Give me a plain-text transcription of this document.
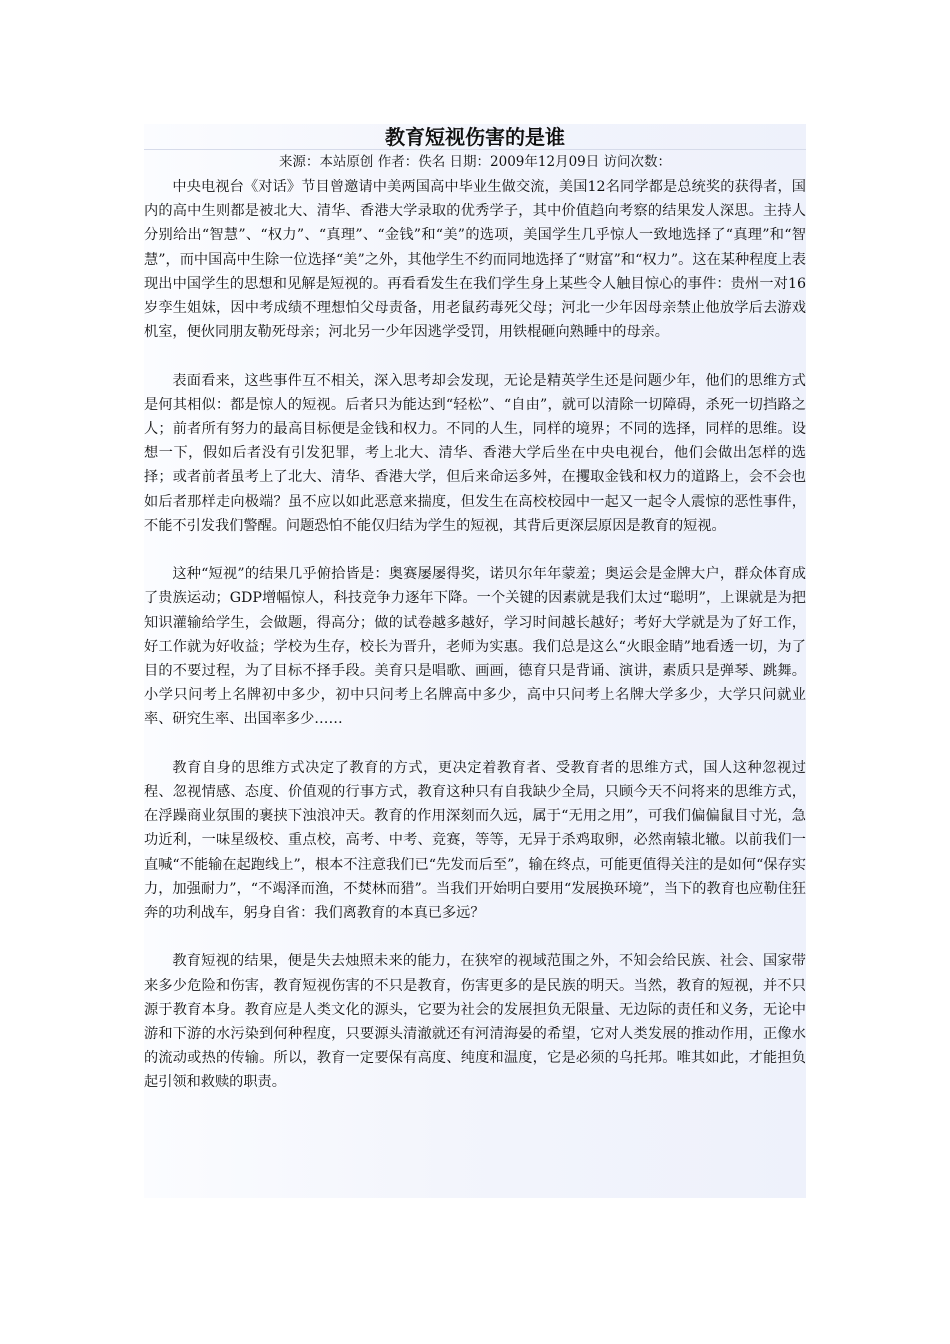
教育短视伤害的是谁
来源：本站原创 作者：佚名 日期：2009年12月09日 访问次数：

中央电视台《对话》节目曾邀请中美两国高中毕业生做交流，美国12名同学都是总统奖的获得者，国内的高中生则都是被北大、清华、香港大学录取的优秀学子，其中价值趋向考察的结果发人深思。主持人分别给出“智慧”、“权力”、“真理”、“金钱”和“美”的选项，美国学生几乎惊人一致地选择了“真理”和“智慧”，而中国高中生除一位选择“美”之外，其他学生不约而同地选择了“财富”和“权力”。这在某种程度上表现出中国学生的思想和见解是短视的。再看看发生在我们学生身上某些令人触目惊心的事件：贵州一对16岁孪生姐妹，因中考成绩不理想怕父母责备，用老鼠药毒死父母；河北一少年因母亲禁止他放学后去游戏机室，便伙同朋友勒死母亲；河北另一少年因逃学受罚，用铁棍砸向熟睡中的母亲。

表面看来，这些事件互不相关，深入思考却会发现，无论是精英学生还是问题少年，他们的思维方式是何其相似：都是惊人的短视。后者只为能达到“轻松”、“自由”，就可以清除一切障碍，杀死一切挡路之人；前者所有努力的最高目标便是金钱和权力。不同的人生，同样的境界；不同的选择，同样的思维。设想一下，假如后者没有引发犯罪，考上北大、清华、香港大学后坐在中央电视台，他们会做出怎样的选择；或者前者虽考上了北大、清华、香港大学，但后来命运多舛，在攫取金钱和权力的道路上，会不会也如后者那样走向极端？虽不应以如此恶意来揣度，但发生在高校校园中一起又一起令人震惊的恶性事件，不能不引发我们警醒。问题恐怕不能仅归结为学生的短视，其背后更深层原因是教育的短视。

这种“短视”的结果几乎俯拾皆是：奥赛屡屡得奖，诺贝尔年年蒙羞；奥运会是金牌大户，群众体育成了贵族运动；GDP增幅惊人，科技竞争力逐年下降。一个关键的因素就是我们太过“聪明”，上课就是为把知识灌输给学生，会做题，得高分；做的试卷越多越好，学习时间越长越好；考好大学就是为了好工作，好工作就为好收益；学校为生存，校长为晋升，老师为实惠。我们总是这么“火眼金睛”地看透一切，为了目的不要过程，为了目标不择手段。美育只是唱歌、画画，德育只是背诵、演讲，素质只是弹琴、跳舞。小学只问考上名牌初中多少，初中只问考上名牌高中多少，高中只问考上名牌大学多少，大学只问就业率、研究生率、出国率多少……

教育自身的思维方式决定了教育的方式，更决定着教育者、受教育者的思维方式，国人这种忽视过程、忽视情感、态度、价值观的行事方式，教育这种只有自我缺少全局，只顾今天不问将来的思维方式，在浮躁商业氛围的裹挟下浊浪冲天。教育的作用深刻而久远，属于“无用之用”，可我们偏偏鼠目寸光，急功近利，一味星级校、重点校，高考、中考、竞赛，等等，无异于杀鸡取卵，必然南辕北辙。以前我们一直喊“不能输在起跑线上”，根本不注意我们已“先发而后至”，输在终点，可能更值得关注的是如何“保存实力，加强耐力”，“不竭泽而渔，不焚林而猎”。当我们开始明白要用“发展换环境”，当下的教育也应勒住狂奔的功利战车，躬身自省：我们离教育的本真已多远？

教育短视的结果，便是失去烛照未来的能力，在狭窄的视域范围之外，不知会给民族、社会、国家带来多少危险和伤害，教育短视伤害的不只是教育，伤害更多的是民族的明天。当然，教育的短视，并不只源于教育本身。教育应是人类文化的源头，它要为社会的发展担负无限量、无边际的责任和义务，无论中游和下游的水污染到何种程度，只要源头清澈就还有河清海晏的希望，它对人类发展的推动作用，正像水的流动或热的传输。所以，教育一定要保有高度、纯度和温度，它是必须的乌托邦。唯其如此，才能担负起引领和救赎的职责。
